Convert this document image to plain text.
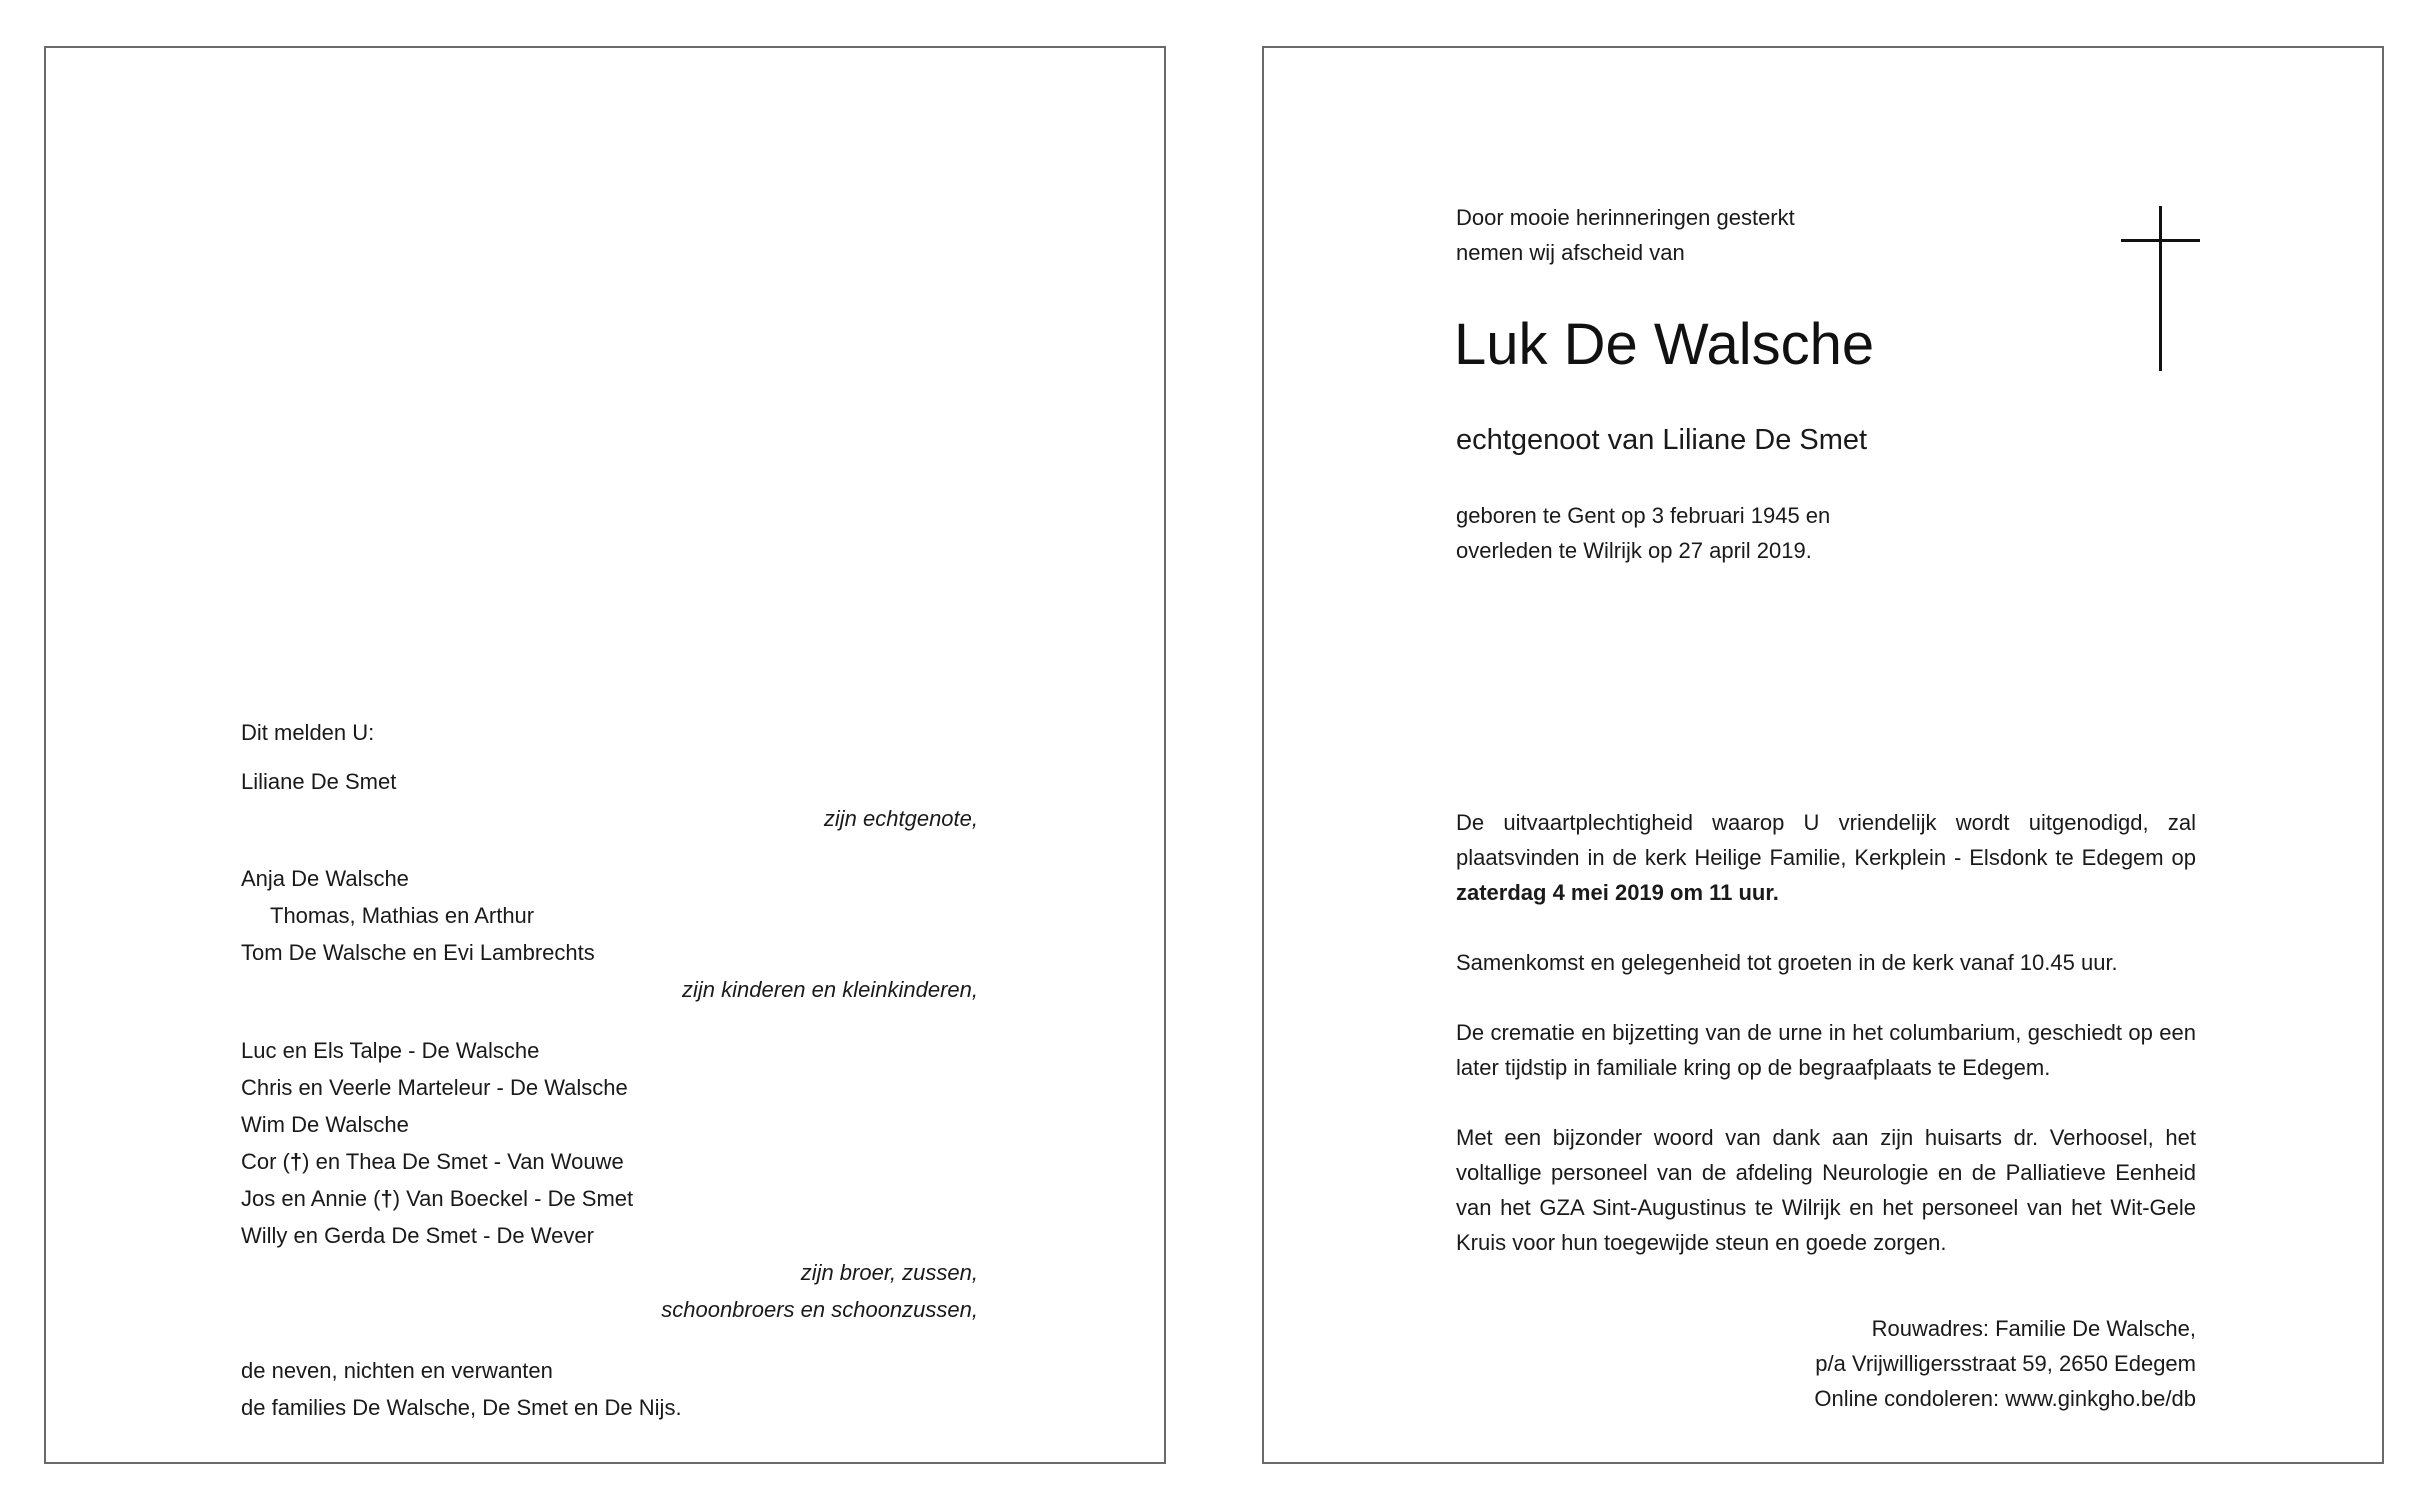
Dit melden U:
Liliane De Smet
zijn echtgenote,
Anja De Walsche
Thomas, Mathias en Arthur
Tom De Walsche en Evi Lambrechts
zijn kinderen en kleinkinderen,
Luc en Els Talpe - De Walsche
Chris en Veerle Marteleur - De Walsche
Wim De Walsche
Cor (†) en Thea De Smet - Van Wouwe
Jos en Annie (†) Van Boeckel - De Smet
Willy en Gerda De Smet - De Wever
zijn broer, zussen,
schoonbroers en schoonzussen,
de neven, nichten en verwanten
de families De Walsche, De Smet en De Nijs.
Door mooie herinneringen gesterkt
nemen wij afscheid van
Luk De Walsche
echtgenoot van Liliane De Smet
geboren te Gent op 3 februari 1945 en
overleden te Wilrijk op 27 april 2019.

De uitvaartplechtigheid waarop U vriendelijk wordt uitgenodigd, zal plaatsvinden in de kerk Heilige Familie, Kerkplein - Elsdonk te Edegem op zaterdag 4 mei 2019 om 11 uur.

Samenkomst en gelegenheid tot groeten in de kerk vanaf 10.45 uur.
De crematie en bijzetting van de urne in het columbarium, geschiedt op een later tijdstip in familiale kring op de begraafplaats te Edegem.
Met een bijzonder woord van dank aan zijn huisarts dr. Verhoosel, het voltallige personeel van de afdeling Neurologie en de Palliatieve Eenheid van het GZA Sint-Augustinus te Wilrijk en het personeel van het Wit-Gele Kruis voor hun toegewijde steun en goede zorgen.
Rouwadres: Familie De Walsche,
p/a Vrijwilligersstraat 59, 2650 Edegem
Online condoleren: www.ginkgho.be/db
